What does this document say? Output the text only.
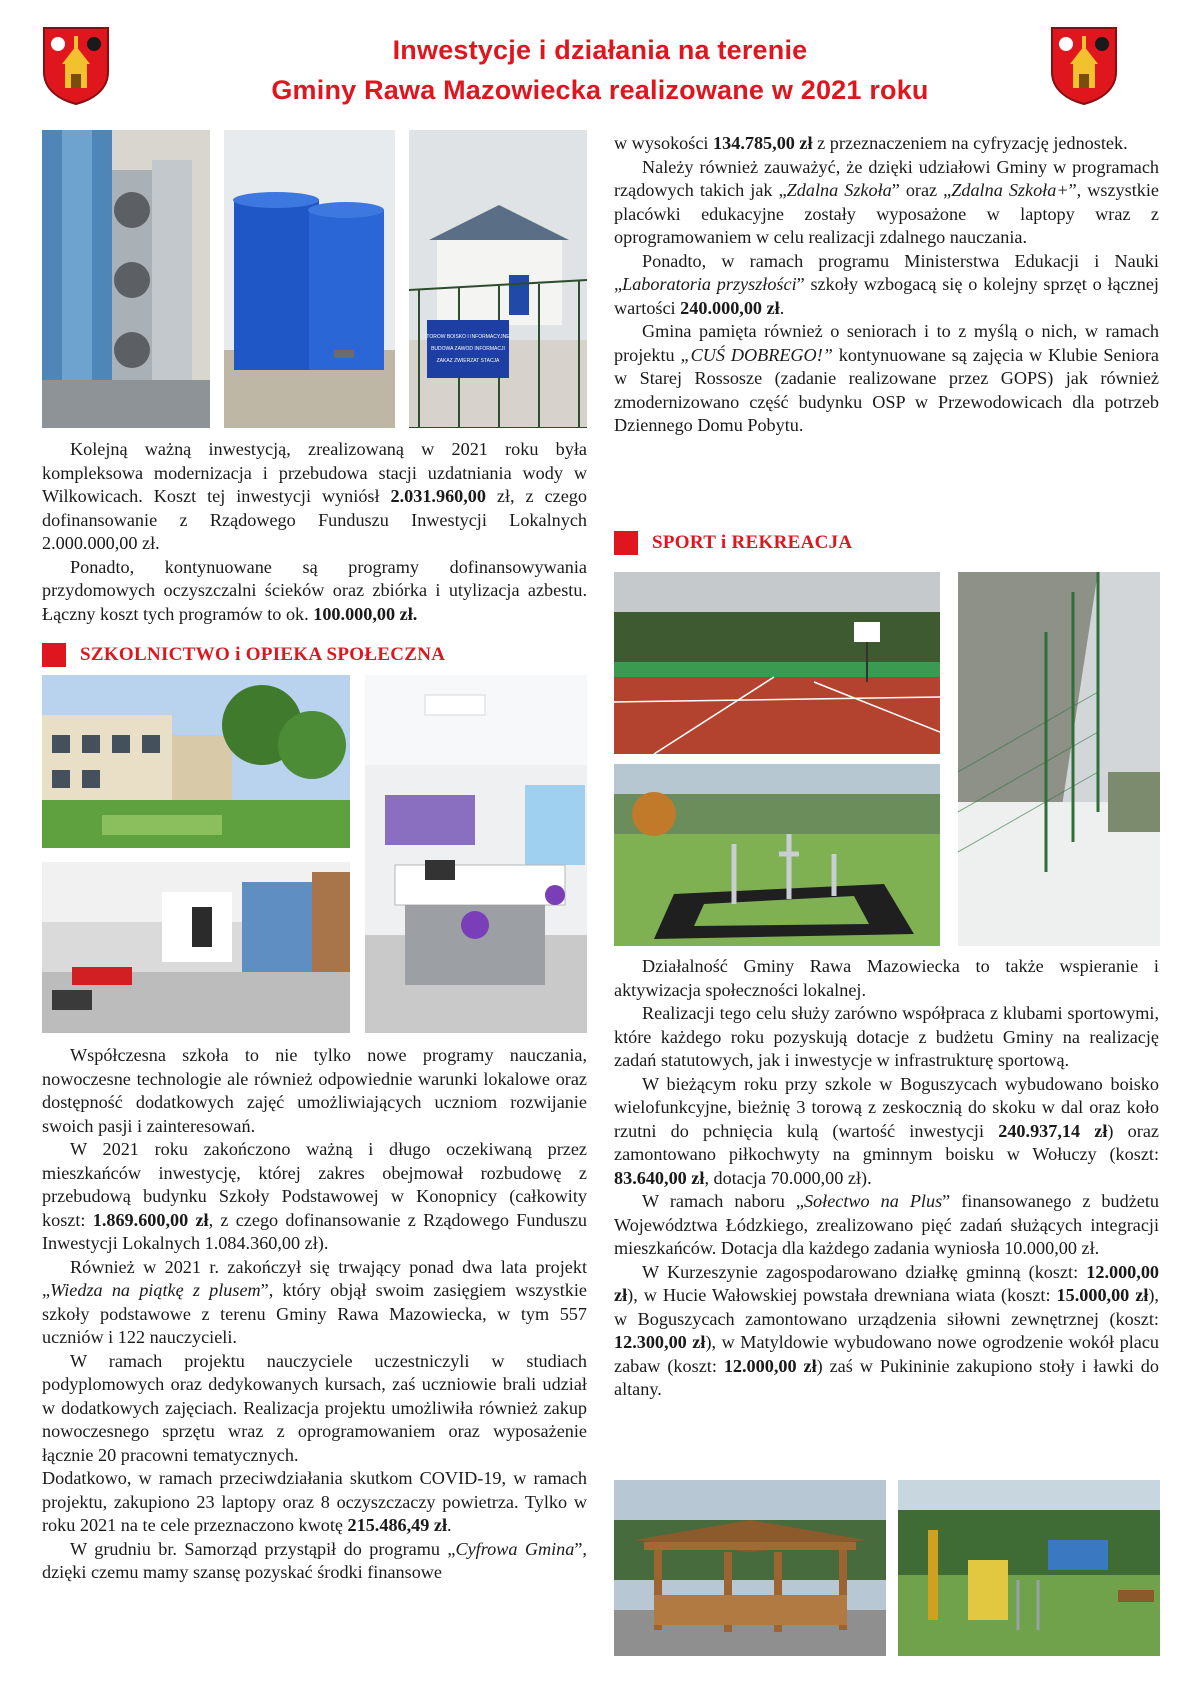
Inwestycje i działania na terenie
Gminy Rawa Mazowiecka realizowane w 2021 roku
TOROW BOISKO I INFORMACYJNE
BUDOWA ZAWOD INFORMACJI
ZAKAZ ZWIERZAT STACJA

Kolejną ważną inwestycją, zrealizowaną w 2021 roku była kompleksowa modernizacja i przebudowa stacji uzdatniania wody w Wilkowicach. Koszt tej inwestycji wyniósł 2.031.960,00 zł, z czego dofinansowanie z Rządowego Funduszu Inwestycji Lokalnych 2.000.000,00 zł.

Ponadto, kontynuowane są programy dofinansowywania przydomowych oczyszczalni ścieków oraz zbiórka i utylizacja azbestu. Łączny koszt tych programów to ok. 100.000,00 zł.

SZKOLNICTWO i OPIEKA SPOŁECZNA

Współczesna szkoła to nie tylko nowe programy nauczania, nowoczesne technologie ale również odpowiednie warunki lokalowe oraz dostępność dodatkowych zajęć umożliwiających uczniom rozwijanie swoich pasji i zainteresowań.

W 2021 roku zakończono ważną i długo oczekiwaną przez mieszkańców inwestycję, której zakres obejmował rozbudowę z przebudową budynku Szkoły Podstawowej w Konopnicy (całkowity koszt: 1.869.600,00 zł, z czego dofinansowanie z Rządowego Funduszu Inwestycji Lokalnych 1.084.360,00 zł).

Również w 2021 r. zakończył się trwający ponad dwa lata projekt „Wiedza na piątkę z plusem”, który objął swoim zasięgiem wszystkie szkoły podstawowe z terenu Gminy Rawa Mazowiecka, w tym 557 uczniów i 122 nauczycieli.

W ramach projektu nauczyciele uczestniczyli w studiach podyplomowych oraz dedykowanych kursach, zaś uczniowie brali udział w dodatkowych zajęciach. Realizacja projektu umożliwiła również zakup nowoczesnego sprzętu wraz z oprogramowaniem oraz wyposażenie łącznie 20 pracowni tematycznych.

Dodatkowo, w ramach przeciwdziałania skutkom COVID-19, w ramach projektu, zakupiono 23 laptopy oraz 8 oczyszczaczy powietrza. Tylko w roku 2021 na te cele przeznaczono kwotę 215.486,49 zł.

W grudniu br. Samorząd przystąpił do programu „Cyfrowa Gmina”, dzięki czemu mamy szansę pozyskać środki finansowe

w wysokości 134.785,00 zł z przeznaczeniem na cyfryzację jednostek.

Należy również zauważyć, że dzięki udziałowi Gminy w programach rządowych takich jak „Zdalna Szkoła” oraz „Zdalna Szkoła+”, wszystkie placówki edukacyjne zostały wyposażone w laptopy wraz z oprogramowaniem w celu realizacji zdalnego nauczania.

Ponadto, w ramach programu Ministerstwa Edukacji i Nauki „Laboratoria przyszłości” szkoły wzbogacą się o kolejny sprzęt o łącznej wartości 240.000,00 zł.

Gmina pamięta również o seniorach i to z myślą o nich, w ramach projektu „CUŚ DOBREGO!” kontynuowane są zajęcia w Klubie Seniora w Starej Rossosze (zadanie realizowane przez GOPS) jak również zmodernizowano część budynku OSP w Przewodowicach dla potrzeb Dziennego Domu Pobytu.

SPORT i REKREACJA

Działalność Gminy Rawa Mazowiecka to także wspieranie i aktywizacja społeczności lokalnej.

Realizacji tego celu służy zarówno współpraca z klubami sportowymi, które każdego roku pozyskują dotacje z budżetu Gminy na realizację zadań statutowych, jak i inwestycje w infrastrukturę sportową.

W bieżącym roku przy szkole w Boguszycach wybudowano boisko wielofunkcyjne, bieżnię 3 torową z zeskocznią do skoku w dal oraz koło rzutni do pchnięcia kulą (wartość inwestycji 240.937,14 zł) oraz zamontowano piłkochwyty na gminnym boisku w Wołuczy (koszt: 83.640,00 zł, dotacja 70.000,00 zł).

W ramach naboru „Sołectwo na Plus” finansowanego z budżetu Województwa Łódzkiego, zrealizowano pięć zadań służących integracji mieszkańców. Dotacja dla każdego zadania wyniosła 10.000,00 zł.

W Kurzeszynie zagospodarowano działkę gminną (koszt: 12.000,00 zł), w Hucie Wałowskiej powstała drewniana wiata (koszt: 15.000,00 zł), w Boguszycach zamontowano urządzenia siłowni zewnętrznej (koszt: 12.300,00 zł), w Matyldowie wybudowano nowe ogrodzenie wokół placu zabaw (koszt: 12.000,00 zł) zaś w Pukininie zakupiono stoły i ławki do altany.
